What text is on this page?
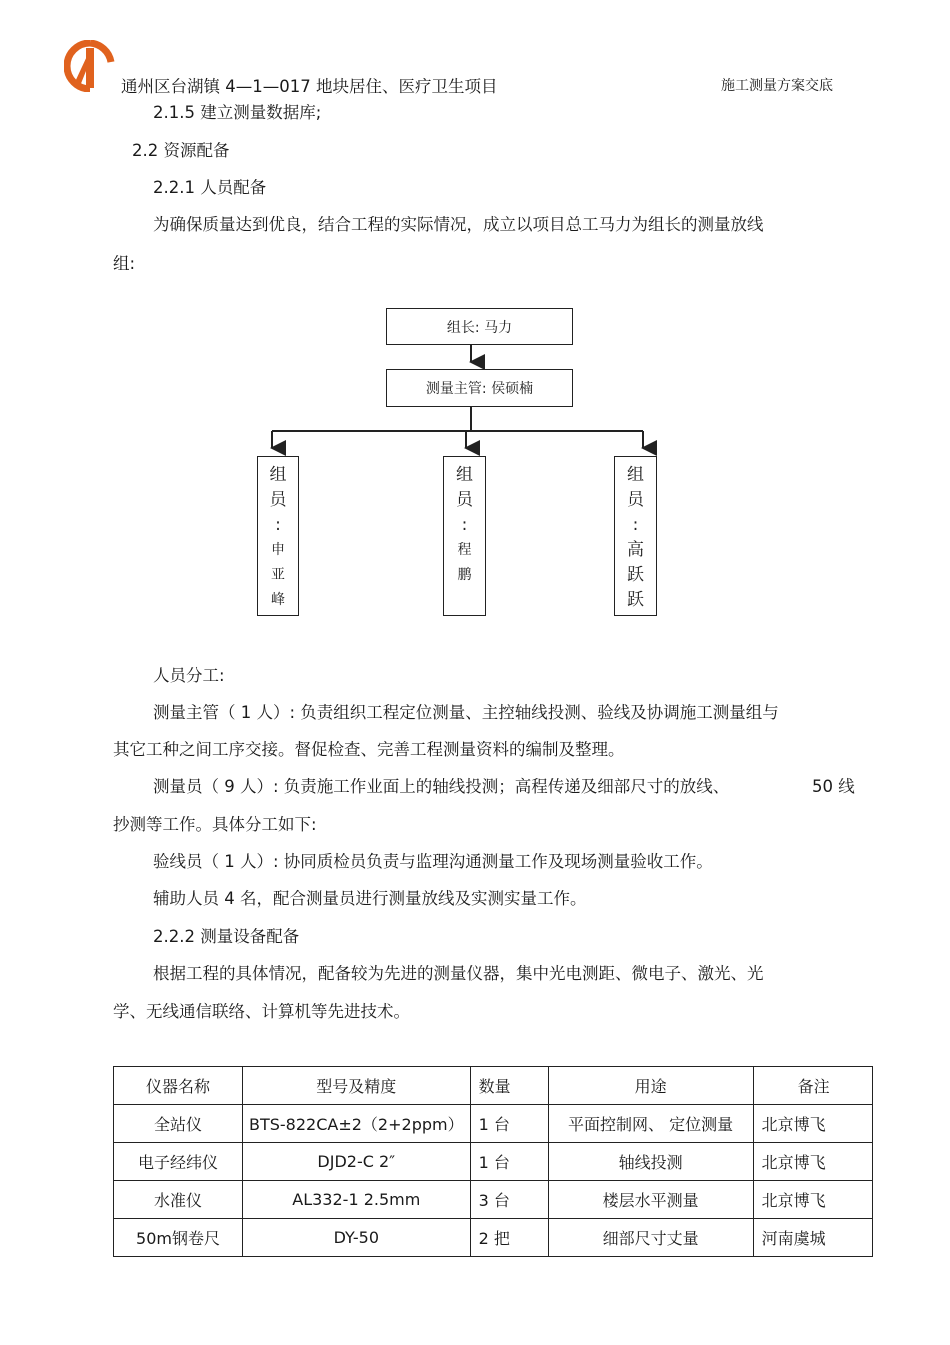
通州区台湖镇 4—1—017 地块居住、医疗卫生项目	施工测量方案交底
2.1.5 建立测量数据库;
2.2 资源配备
2.2.1 人员配备
为确保质量达到优良，结合工程的实际情况，成立以项目总工马力为组长的测量放线
组:
组长: 马力
测量主管: 侯硕楠
组
员
:
申
亚
峰
组
员
:
程
鹏
组
员
:
高
跃
跃
人员分工:
测量主管（ 1 人）: 负责组织工程定位测量、主控轴线投测、验线及协调施工测量组与
其它工种之间工序交接。督促检查、完善工程测量资料的编制及整理。
测量员（ 9 人）: 负责施工作业面上的轴线投测；高程传递及细部尺寸的放线、	50 线
抄测等工作。具体分工如下:
验线员（ 1 人）: 协同质检员负责与监理沟通测量工作及现场测量验收工作。
辅助人员 4 名，配合测量员进行测量放线及实测实量工作。
2.2.2 测量设备配备
根据工程的具体情况，配备较为先进的测量仪器，集中光电测距、微电子、激光、光
学、无线通信联络、计算机等先进技术。
仪器名称	型号及精度	数量	用途	备注
全站仪	BTS-822CA±2（2+2ppm）	1 台	平面控制网、 定位测量	北京博飞
电子经纬仪	DJD2-C 2″	1 台	轴线投测	北京博飞
水准仪	AL332-1 2.5mm	3 台	楼层水平测量	北京博飞
50m钢卷尺	DY-50	2 把	细部尺寸丈量	河南虞城
